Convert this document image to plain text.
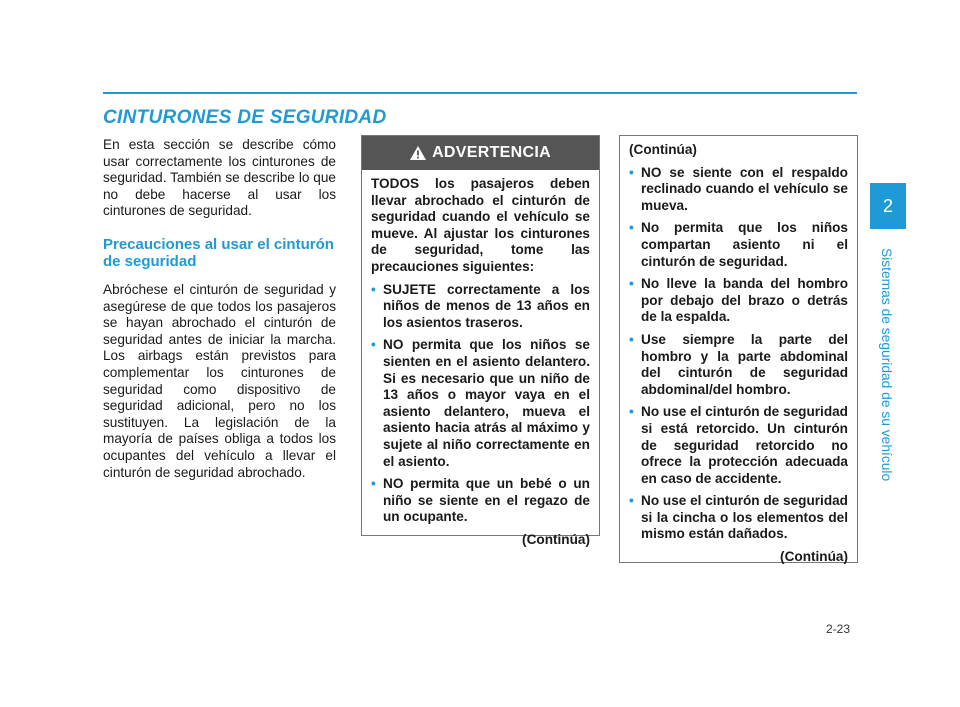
CINTURONES DE SEGURIDAD

En esta sección se describe cómo usar correctamente los cinturones de seguridad. También se describe lo que no debe hacerse al usar los cinturones de seguridad.

Precauciones al usar el cinturón de seguridad

Abróchese el cinturón de seguridad y asegúrese de que todos los pasajeros se hayan abrochado el cinturón de seguridad antes de iniciar la marcha. Los airbags están previstos para complementar los cinturones de seguridad como dispositivo de seguridad adicional, pero no los sustituyen. La legislación de la mayoría de países obliga a todos los ocupantes del vehículo a llevar el cinturón de seguridad abrochado.

ADVERTENCIA

TODOS los pasajeros deben llevar abrochado el cinturón de seguridad cuando el vehículo se mueve. Al ajustar los cinturones de seguridad, tome las precauciones siguientes:

• SUJETE correctamente a los niños de menos de 13 años en los asientos traseros.
• NO permita que los niños se sienten en el asiento delantero. Si es necesario que un niño de 13 años o mayor vaya en el asiento delantero, mueva el asiento hacia atrás al máximo y sujete al niño correctamente en el asiento.
• NO permita que un bebé o un niño se siente en el regazo de un ocupante.
(Continúa)

(Continúa)

• NO se siente con el respaldo reclinado cuando el vehículo se mueva.
• No permita que los niños compartan asiento ni el cinturón de seguridad.
• No lleve la banda del hombro por debajo del brazo o detrás de la espalda.
• Use siempre la parte del hombro y la parte abdominal del cinturón de seguridad abdominal/del hombro.
• No use el cinturón de seguridad si está retorcido. Un cinturón de seguridad retorcido no ofrece la protección adecuada en caso de accidente.
• No use el cinturón de seguridad si la cincha o los elementos del mismo están dañados.
(Continúa)
2
Sistemas de seguridad de su vehículo
2-23
